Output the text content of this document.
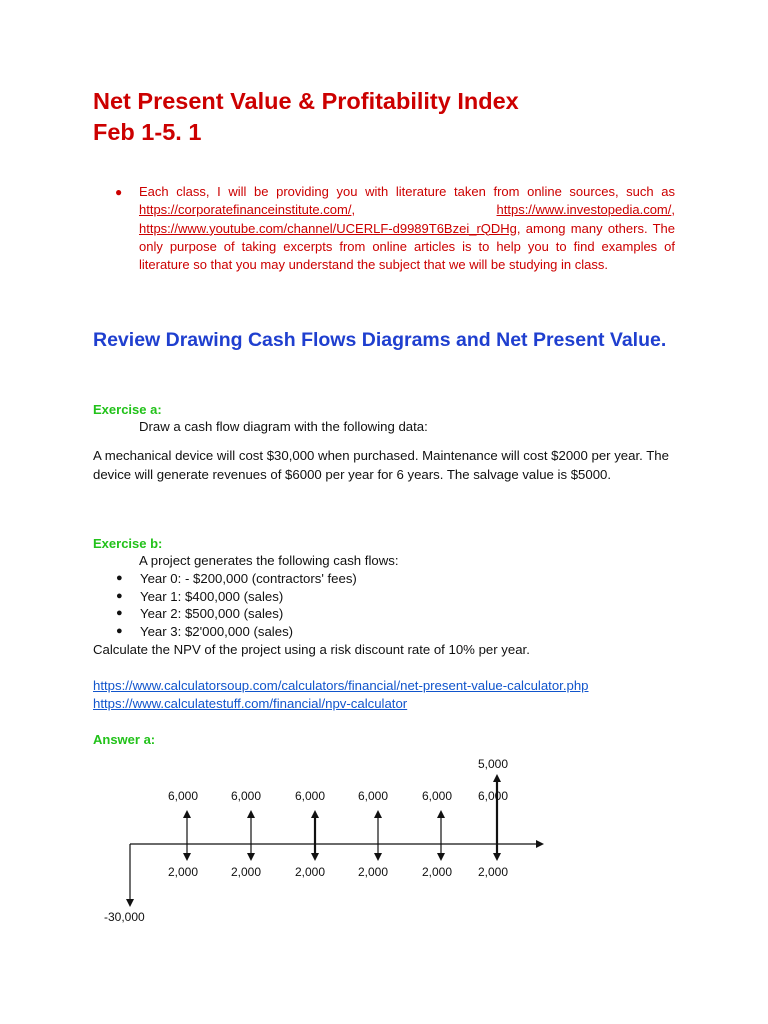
Net Present Value & Profitability Index
Feb 1-5. 1
● Each class, I will be providing you with literature taken from online sources, such as https://corporatefinanceinstitute.com/, https://www.investopedia.com/, https://www.youtube.com/channel/UCERLF-d9989T6Bzei_rQDHg, among many others. The only purpose of taking excerpts from online articles is to help you to find examples of literature so that you may understand the subject that we will be studying in class.
Review Drawing Cash Flows Diagrams and Net Present Value.
Exercise a:
Draw a cash flow diagram with the following data:
A mechanical device will cost $30,000 when purchased. Maintenance will cost $2000 per year. The device will generate revenues of $6000 per year for 6 years. The salvage value is $5000.
Exercise b:
A project generates the following cash flows:
● Year 0: - $200,000 (contractors' fees)
● Year 1: $400,000 (sales)
● Year 2: $500,000 (sales)
● Year 3: $2'000,000 (sales)
Calculate the NPV of the project using a risk discount rate of 10% per year.
https://www.calculatorsoup.com/calculators/financial/net-present-value-calculator.php
https://www.calculatestuff.com/financial/npv-calculator
Answer a:
-30,000
6,000
2,000
6,000
2,000
6,000
2,000
6,000
2,000
6,000
2,000
5,000
6,000
2,000
